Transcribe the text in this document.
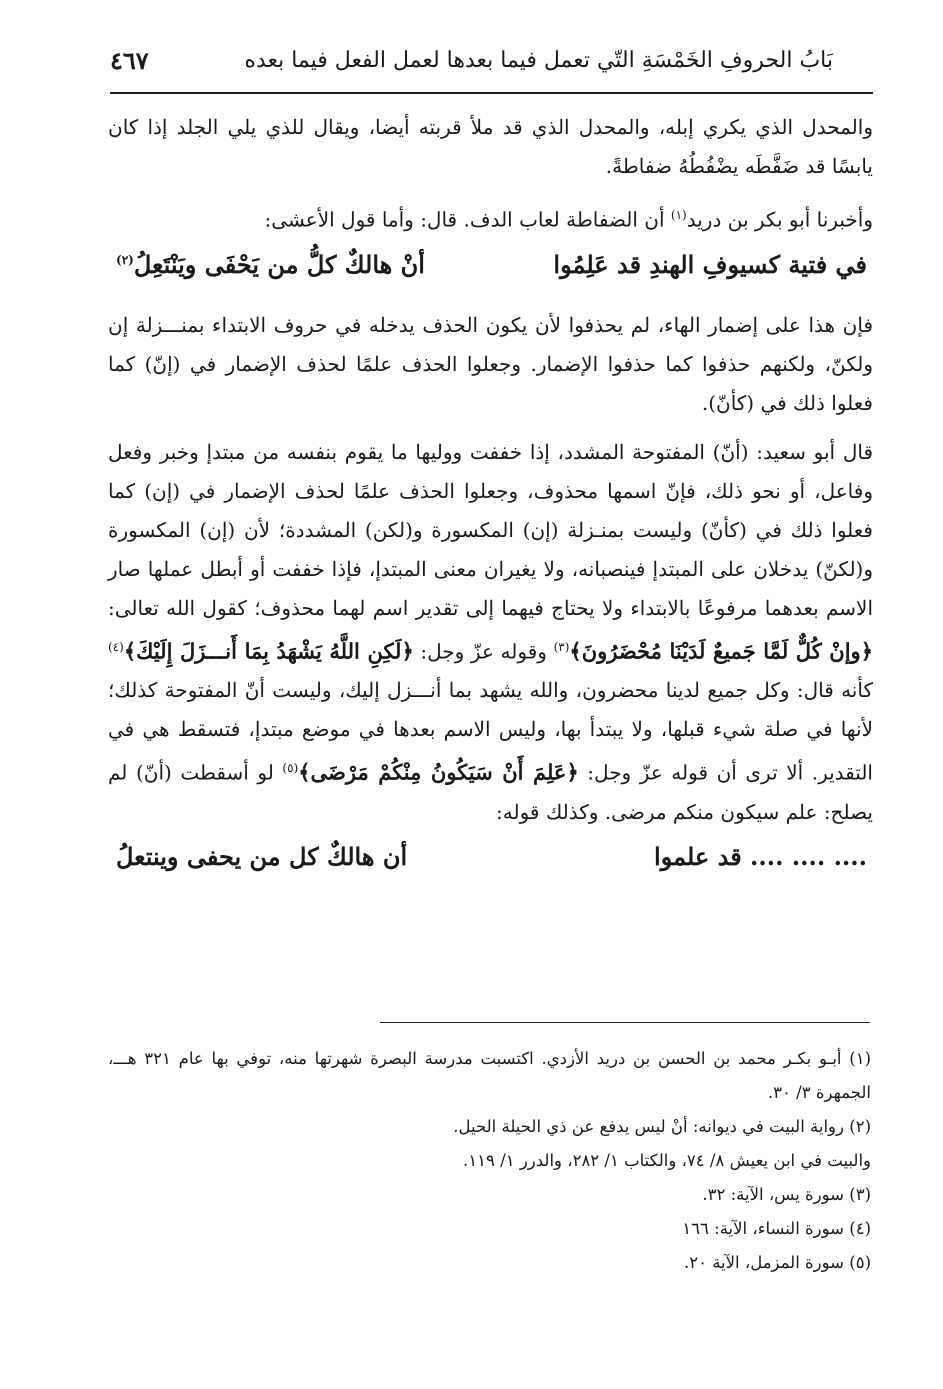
بَابُ الحروفِ الخَمْسَةِ التّي تعمل فيما بعدها لعمل الفعل فيما بعده
٤٦٧

والمحدل الذي يكري إبله، والمحدل الذي قد ملأ قربته أيضا، ويقال للذي يلي الجلد إذا كان يابسًا قد ضَفَّطَه يضْفُطُهُ ضفاطةً.

وأخبرنا أبو بكر بن دريد$^{(١)}$ أن الضفاطة لعاب الدف. قال: وأما قول الأعشى:

في فتية كسيوفِ الهندِ قد عَلِمُوا
أنْ هالكٌ كلُّ من يَحْفَى ويَنْتَعِلُ$^{(٢)}$

فإن هذا على إضمار الهاء، لم يحذفوا لأن يكون الحذف يدخله في حروف الابتداء بمنـــزلة إن ولكنّ، ولكنهم حذفوا كما حذفوا الإضمار. وجعلوا الحذف علمًا لحذف الإضمار في (إنّ) كما فعلوا ذلك في (كأنّ).

قال أبو سعيد: (أنّ) المفتوحة المشدد، إذا خففت ووليها ما يقوم بنفسه من مبتدإ وخبر وفعل وفاعل، أو نحو ذلك، فإنّ اسمها محذوف، وجعلوا الحذف علمًا لحذف الإضمار في (إن) كما فعلوا ذلك في (كأنّ) وليست بمنـزلة (إن) المكسورة و(لكن) المشددة؛ لأن (إن) المكسورة و(لكنّ) يدخلان على المبتدإ فينصبانه، ولا يغيران معنى المبتدإ، فإذا خففت أو أبطل عملها صار الاسم بعدهما مرفوعًا بالابتداء ولا يحتاج فيهما إلى تقدير اسم لهما محذوف؛ كقول الله تعالى: ﴿وإنْ كُلٌّ لَمَّا جَميعٌ لَدَيْنَا مُحْضَرُونَ﴾$^{(٣)}$ وقوله عزّ وجل: ﴿لَكِنِ اللَّهُ يَشْهَدُ بِمَا أَنـــزَلَ إِلَيْكَ﴾$^{(٤)}$ كأنه قال: وكل جميع لدينا محضرون، والله يشهد بما أنـــزل إليك، وليست أنّ المفتوحة كذلك؛ لأنها في صلة شيء قبلها، ولا يبتدأ بها، وليس الاسم بعدها في موضع مبتدإ، فتسقط هي في التقدير. ألا ترى أن قوله عزّ وجل: ﴿عَلِمَ أَنْ سَيَكُونُ مِنْكُمْ مَرْضَى﴾$^{(٥)}$ لو أسقطت (أنّ) لم يصلح: علم سيكون منكم مرضى. وكذلك قوله:

.... .... .... قد علموا
أن هالكٌ كل من يحفى وينتعلُ

(١) أبـو بكـر محمد بن الحسن بن دريد الأزدي. اكتسبت مدرسة البصرة شهرتها منه، توفي بها عام ٣٢١ هـــ، الجمهرة ٣/ ٣٠.

(٢) رواية البيت في ديوانه: أنْ ليس يدفع عن ذي الحيلة الحيل.

والبيت في ابن يعيش ٨/ ٧٤، والكتاب ١/ ٢٨٢، والدرر ١/ ١١٩.

(٣) سورة يس، الآية: ٣٢.

(٤) سورة النساء، الآية: ١٦٦

(٥) سورة المزمل، الآية ٢٠.
